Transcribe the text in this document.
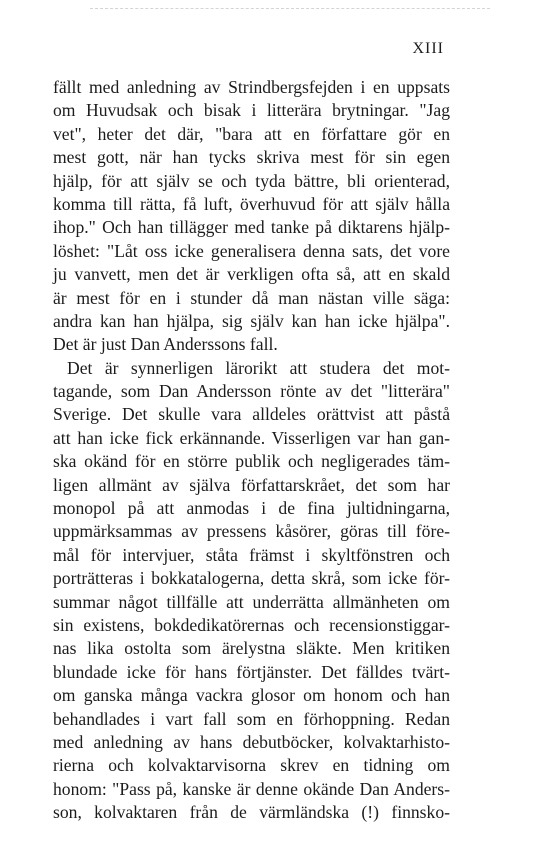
XIII
fällt med anledning av Strindbergsfejden i en uppsats
om Huvudsak och bisak i litterära brytningar. "Jag
vet", heter det där, "bara att en författare gör en
mest gott, när han tycks skriva mest för sin egen
hjälp, för att själv se och tyda bättre, bli orienterad,
komma till rätta, få luft, överhuvud för att själv hålla
ihop." Och han tillägger med tanke på diktarens hjälp-
löshet: "Låt oss icke generalisera denna sats, det vore
ju vanvett, men det är verkligen ofta så, att en skald
är mest för en i stunder då man nästan ville säga:
andra kan han hjälpa, sig själv kan han icke hjälpa".
Det är just Dan Anderssons fall.
Det är synnerligen lärorikt att studera det mot-
tagande, som Dan Andersson rönte av det "litterära"
Sverige. Det skulle vara alldeles orättvist att påstå
att han icke fick erkännande. Visserligen var han gan-
ska okänd för en större publik och negligerades täm-
ligen allmänt av själva författarskrået, det som har
monopol på att anmodas i de fina jultidningarna,
uppmärksammas av pressens kåsörer, göras till före-
mål för intervjuer, ståta främst i skyltfönstren och
porträtteras i bokkatalogerna, detta skrå, som icke för-
summar något tillfälle att underrätta allmänheten om
sin existens, bokdedikatörernas och recensionstiggar-
nas lika ostolta som ärelystna släkte. Men kritiken
blundade icke för hans förtjänster. Det fälldes tvärt-
om ganska många vackra glosor om honom och han
behandlades i vart fall som en förhoppning. Redan
med anledning av hans debutböcker, kolvaktarhisto-
rierna och kolvaktarvisorna skrev en tidning om
honom: "Pass på, kanske är denne okände Dan Anders-
son, kolvaktaren från de värmländska (!) finnsko-
